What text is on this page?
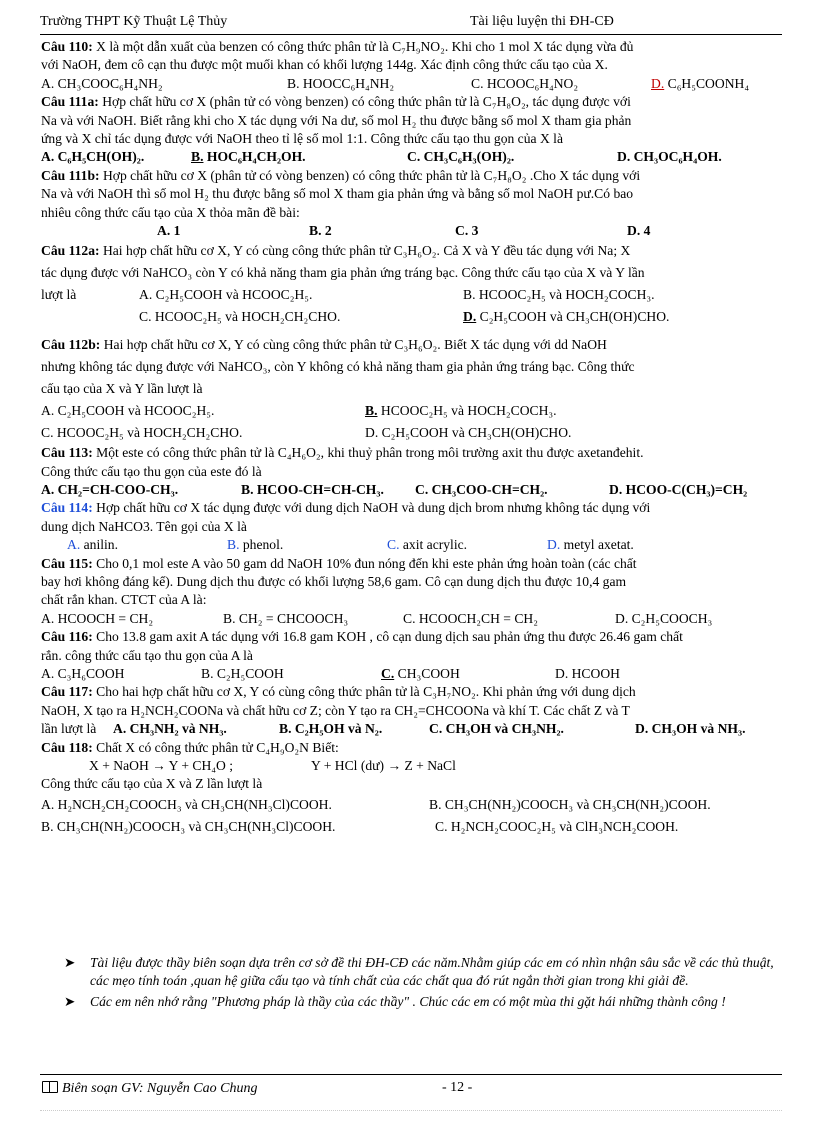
Trường THPT Kỹ Thuật Lệ Thủy	Tài liệu luyện thi ĐH-CĐ
Câu 110: X là một dẫn xuất của benzen có công thức phân tử là C₇H₉NO₂. Khi cho 1 mol X tác dụng vừa đủ
với NaOH, đem cô cạn thu được một muối khan có khối lượng 144g. Xác định công thức cấu tạo của X.
A. CH₃COOC₆H₄NH₂	B. HOOCC₆H₄NH₂	C. HCOOC₆H₄NO₂	D. C₆H₅COONH₄
Câu 111a: Hợp chất hữu cơ X (phân tử có vòng benzen) có công thức phân tử là C₇H₈O₂, tác dụng được với
Na và với NaOH. Biết rằng khi cho X tác dụng với Na dư, số mol H₂ thu được bằng số mol X tham gia phản
ứng và X chỉ tác dụng được với NaOH theo tỉ lệ số mol 1:1. Công thức cấu tạo thu gọn của X là
A. C₆H₅CH(OH)₂.	B. HOC₆H₄CH₂OH.	C. CH₃C₆H₃(OH)₂.	D. CH₃OC₆H₄OH.
Câu 111b: Hợp chất hữu cơ X (phân tử có vòng benzen) có công thức phân tử là C₇H₈O₂ .Cho X tác dụng với
Na và với NaOH thì số mol H₂ thu được bằng số mol X tham gia phản ứng và bằng số mol NaOH pư.Có bao
nhiêu công thức cấu tạo của X thỏa mãn đề bài:
A. 1	B. 2	C. 3	D. 4
Câu 112a: Hai hợp chất hữu cơ X, Y có cùng công thức phân tử C₃H₆O₂. Cả X và Y đều tác dụng với Na; X
tác dụng được với NaHCO₃ còn Y có khả năng tham gia phản ứng tráng bạc. Công thức cấu tạo của X và Y lần
lượt là	A. C₂H₅COOH và HCOOC₂H₅.	B. HCOOC₂H₅ và HOCH₂COCH₃.
C. HCOOC₂H₅ và HOCH₂CH₂CHO.	D. C₂H₅COOH và CH₃CH(OH)CHO.
Câu 112b: Hai hợp chất hữu cơ X, Y có cùng công thức phân tử C₃H₆O₂. Biết X tác dụng với dd NaOH
nhưng không tác dụng được với NaHCO₃, còn Y không có khả năng tham gia phản ứng tráng bạc. Công thức
cấu tạo của X và Y lần lượt là
A. C₂H₅COOH và HCOOC₂H₅.	B. HCOOC₂H₅ và HOCH₂COCH₃.
C. HCOOC₂H₅ và HOCH₂CH₂CHO.	D. C₂H₅COOH và CH₃CH(OH)CHO.
Câu 113: Một este có công thức phân tử là C₄H₆O₂, khi thuỷ phân trong môi trường axit thu được axetanđehit.
Công thức cấu tạo thu gọn của este đó là
A. CH₂=CH-COO-CH₃.	B. HCOO-CH=CH-CH₃. C. CH₃COO-CH=CH₂.	D. HCOO-C(CH₃)=CH₂
Câu 114: Hợp chất hữu cơ X tác dụng được với dung dịch NaOH và dung dịch brom nhưng không tác dụng với
dung dịch NaHCO3. Tên gọi của X là
A. anilin.	B. phenol.	C. axit acrylic.	D. metyl axetat.
Câu 115: Cho 0,1 mol este A vào 50 gam dd NaOH 10% đun nóng đến khi este phản ứng hoàn toàn (các chất
bay hơi không đáng kể). Dung dịch thu được có khối lượng 58,6 gam. Cô cạn dung dịch thu được 10,4 gam
chất rắn khan. CTCT của A là:
A. HCOOCH = CH₂	B. CH₂ = CHCOOCH₃	C. HCOOCH₂CH = CH₂	D. C₂H₅COOCH₃
Câu 116: Cho 13.8 gam axit A tác dụng với 16.8 gam KOH , cô cạn dung dịch sau phản ứng thu được 26.46 gam chất
rắn. công thức cấu tạo thu gọn của A là
A. C₃H₆COOH	B. C₂H₅COOH	C. CH₃COOH	D. HCOOH
Câu 117: Cho hai hợp chất hữu cơ X, Y có cùng công thức phân tử là C₃H₇NO₂. Khi phản ứng với dung dịch
NaOH, X tạo ra H₂NCH₂COONa và chất hữu cơ Z; còn Y tạo ra CH₂=CHCOONa và khí T. Các chất Z và T
lần lượt là A. CH₃NH₂ và NH₃.	B. C₂H₅OH và N₂.	C. CH₃OH và CH₃NH₂.	D. CH₃OH và NH₃.
Câu 118: Chất X có công thức phân tử C₄H₉O₂N Biết:
X + NaOH → Y + CH₄O ;	Y + HCl (dư) → Z + NaCl
Công thức cấu tạo của X và Z lần lượt là
A. H₂NCH₂CH₂COOCH₃ và CH₃CH(NH₃Cl)COOH.	B. CH₃CH(NH₂)COOCH₃ và CH₃CH(NH₂)COOH.
B. CH₃CH(NH₂)COOCH₃ và CH₃CH(NH₃Cl)COOH.	C. H₂NCH₂COOC₂H₅ và ClH₃NCH₂COOH.
➤ Tài liệu được thầy biên soạn dựa trên cơ sở đề thi ĐH-CĐ các năm.Nhằm giúp các em có nhìn nhận sâu sắc về các thủ thuật, các mẹo tính toán ,quan hệ giữa cấu tạo và tính chất của các chất qua đó rút ngắn thời gian trong khi giải đề.
➤ Các em nên nhớ rằng "Phương pháp là thầy của các thầy" . Chúc các em có một mùa thi gặt hái những thành công !
Biên soạn GV: Nguyễn Cao Chung	- 12 -
